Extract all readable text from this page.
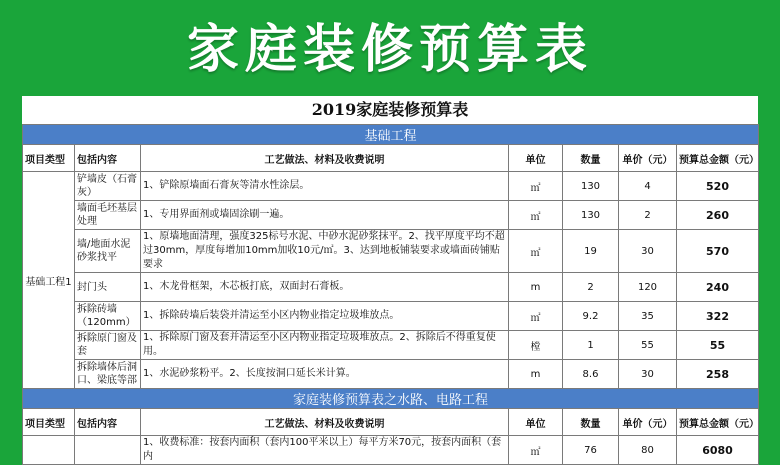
家庭装修预算表
2019家庭装修预算表
基础工程						
项目类型	包括内容	工艺做法、材料及收费说明	单位	数量	单价（元）	预算总金额（元）
基础工程1	铲墙皮（石膏灰）	1、铲除原墙面石膏灰等清水性涂层。	㎡	130	4	520
	墙面毛坯基层处理	1、专用界面剂或墙固涂刷一遍。	㎡	130	2	260
	墙/地面水泥砂浆找平	1、原墙地面清理，强度325标号水泥、中砂水泥砂浆抹平。2、找平厚度平均不超过30mm，厚度每增加10mm加收10元/㎡。3、达到地板铺装要求或墙面砖铺贴要求	㎡	19	30	570
	封门头	1、木龙骨框架，木芯板打底，双面封石膏板。	m	2	120	240
	拆除砖墙（120mm）	1、拆除砖墙后装袋并清运至小区内物业指定垃圾堆放点。	㎡	9.2	35	322
	拆除原门窗及套	1、拆除原门窗及套并清运至小区内物业指定垃圾堆放点。2、拆除后不得重复使用。	樘	1	55	55
	拆除墙体后洞口、梁底等部	1、水泥砂浆粉平。2、长度按洞口延长米计算。	m	8.6	30	258
家庭装修预算表之水路、电路工程						
项目类型	包括内容	工艺做法、材料及收费说明	单位	数量	单价（元）	预算总金额（元）
		1、收费标准：按套内面积（套内100平米以上）每平方米70元，按套内面积（套内	㎡	76	80	6080
